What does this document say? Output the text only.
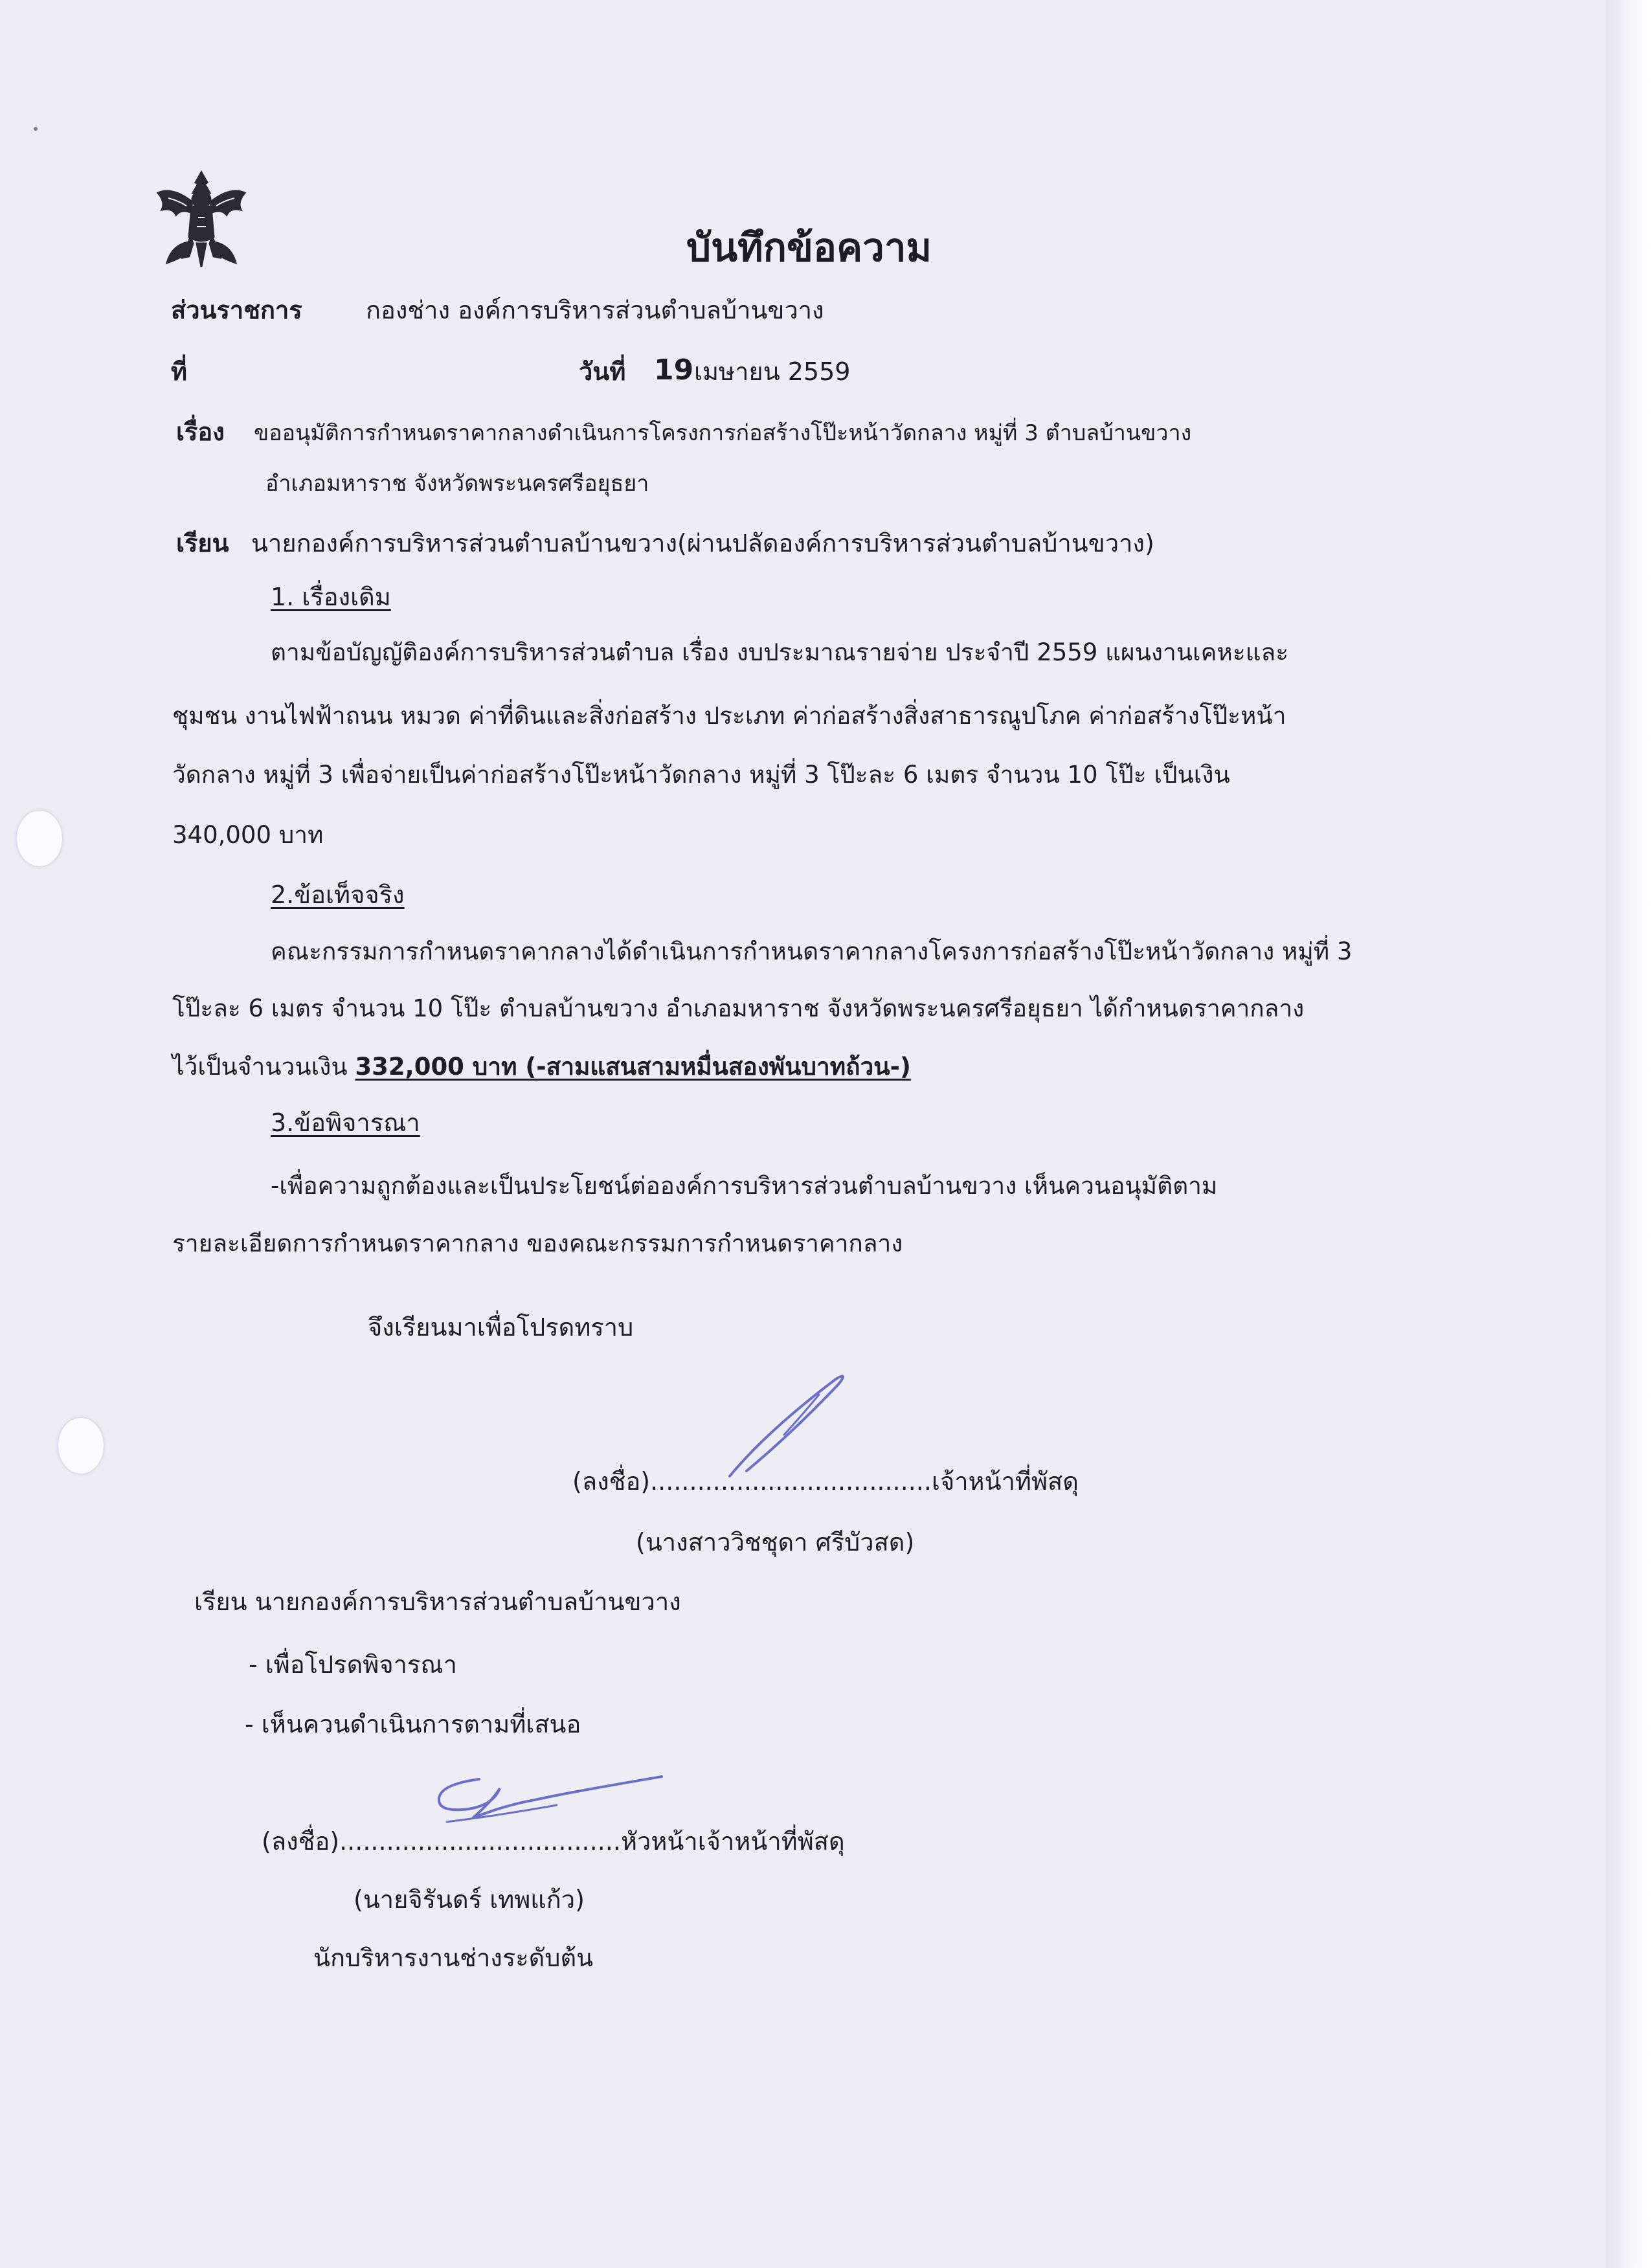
บันทึกข้อความ
ส่วนราชการ	กองช่าง องค์การบริหารส่วนตำบลบ้านขวาง
ที่	วันที่ 19 เมษายน 2559
เรื่อง ขออนุมัติการกำหนดราคากลางดำเนินการโครงการก่อสร้างโป๊ะหน้าวัดกลาง หมู่ที่ 3 ตำบลบ้านขวาง
อำเภอมหาราช จังหวัดพระนครศรีอยุธยา
เรียน นายกองค์การบริหารส่วนตำบลบ้านขวาง(ผ่านปลัดองค์การบริหารส่วนตำบลบ้านขวาง)
1. เรื่องเดิม
ตามข้อบัญญัติองค์การบริหารส่วนตำบล เรื่อง งบประมาณรายจ่าย ประจำปี 2559 แผนงานเคหะและ
ชุมชน งานไฟฟ้าถนน หมวด ค่าที่ดินและสิ่งก่อสร้าง ประเภท ค่าก่อสร้างสิ่งสาธารณูปโภค ค่าก่อสร้างโป๊ะหน้า
วัดกลาง หมู่ที่ 3 เพื่อจ่ายเป็นค่าก่อสร้างโป๊ะหน้าวัดกลาง หมู่ที่ 3 โป๊ะละ 6 เมตร จำนวน 10 โป๊ะ เป็นเงิน
340,000 บาท
2.ข้อเท็จจริง
คณะกรรมการกำหนดราคากลางได้ดำเนินการกำหนดราคากลางโครงการก่อสร้างโป๊ะหน้าวัดกลาง หมู่ที่ 3
โป๊ะละ 6 เมตร จำนวน 10 โป๊ะ ตำบลบ้านขวาง อำเภอมหาราช จังหวัดพระนครศรีอยุธยา ได้กำหนดราคากลาง
ไว้เป็นจำนวนเงิน 332,000 บาท (-สามแสนสามหมื่นสองพันบาทถ้วน-)
3.ข้อพิจารณา
-เพื่อความถูกต้องและเป็นประโยชน์ต่อองค์การบริหารส่วนตำบลบ้านขวาง เห็นควนอนุมัติตาม
รายละเอียดการกำหนดราคากลาง ของคณะกรรมการกำหนดราคากลาง
จึงเรียนมาเพื่อโปรดทราบ
(ลงชื่อ)....................................เจ้าหน้าที่พัสดุ
(นางสาววิชชุดา ศรีบัวสด)
เรียน นายกองค์การบริหารส่วนตำบลบ้านขวาง
- เพื่อโปรดพิจารณา
- เห็นควนดำเนินการตามที่เสนอ
(ลงชื่อ)....................................หัวหน้าเจ้าหน้าที่พัสดุ
(นายจิรันดร์ เทพแก้ว)
นักบริหารงานช่างระดับต้น
